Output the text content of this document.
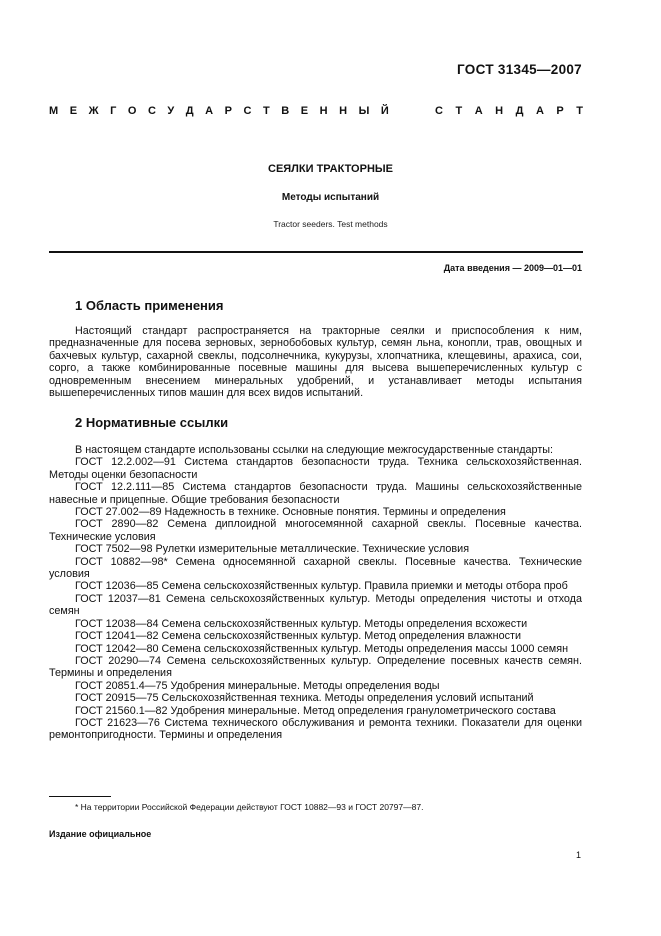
ГОСТ 31345—2007
М Е Ж Г О С У Д А Р С Т В Е Н Н Ы Й	С Т А Н Д А Р Т
СЕЯЛКИ ТРАКТОРНЫЕ
Методы испытаний
Tractor seeders. Test methods
Дата введения — 2009—01—01
1 Область применения

Настоящий стандарт распространяется на тракторные сеялки и приспособления к ним, предназначенные для посева зерновых, зернобобовых культур, семян льна, конопли, трав, овощных и бахчевых культур, сахарной свеклы, подсолнечника, кукурузы, хлопчатника, клещевины, арахиса, сои, сорго, а также комбинированные посевные машины для высева вышеперечисленных культур с одновременным внесением минеральных удобрений, и устанавливает методы испытания вышеперечисленных типов машин для всех видов испытаний.

2 Нормативные ссылки

В настоящем стандарте использованы ссылки на следующие межгосударственные стандарты:

ГОСТ 12.2.002—91 Система стандартов безопасности труда. Техника сельскохозяйственная. Методы оценки безопасности

ГОСТ 12.2.111—85 Система стандартов безопасности труда. Машины сельскохозяйственные навесные и прицепные. Общие требования безопасности

ГОСТ 27.002—89 Надежность в технике. Основные понятия. Термины и определения

ГОСТ 2890—82 Семена диплоидной многосемянной сахарной свеклы. Посевные качества. Технические условия

ГОСТ 7502—98 Рулетки измерительные металлические. Технические условия

ГОСТ 10882—98* Семена односемянной сахарной свеклы. Посевные качества. Технические условия

ГОСТ 12036—85 Семена сельскохозяйственных культур. Правила приемки и методы отбора проб

ГОСТ 12037—81 Семена сельскохозяйственных культур. Методы определения чистоты и отхода семян

ГОСТ 12038—84 Семена сельскохозяйственных культур. Методы определения всхожести

ГОСТ 12041—82 Семена сельскохозяйственных культур. Метод определения влажности

ГОСТ 12042—80 Семена сельскохозяйственных культур. Методы определения массы 1000 семян

ГОСТ 20290—74 Семена сельскохозяйственных культур. Определение посевных качеств семян. Термины и определения

ГОСТ 20851.4—75 Удобрения минеральные. Методы определения воды

ГОСТ 20915—75 Сельскохозяйственная техника. Методы определения условий испытаний

ГОСТ 21560.1—82 Удобрения минеральные. Метод определения гранулометрического состава

ГОСТ 21623—76 Система технического обслуживания и ремонта техники. Показатели для оценки ремонтопригодности. Термины и определения

* На территории Российской Федерации действуют ГОСТ 10882—93 и ГОСТ 20797—87.
Издание официальное
1
